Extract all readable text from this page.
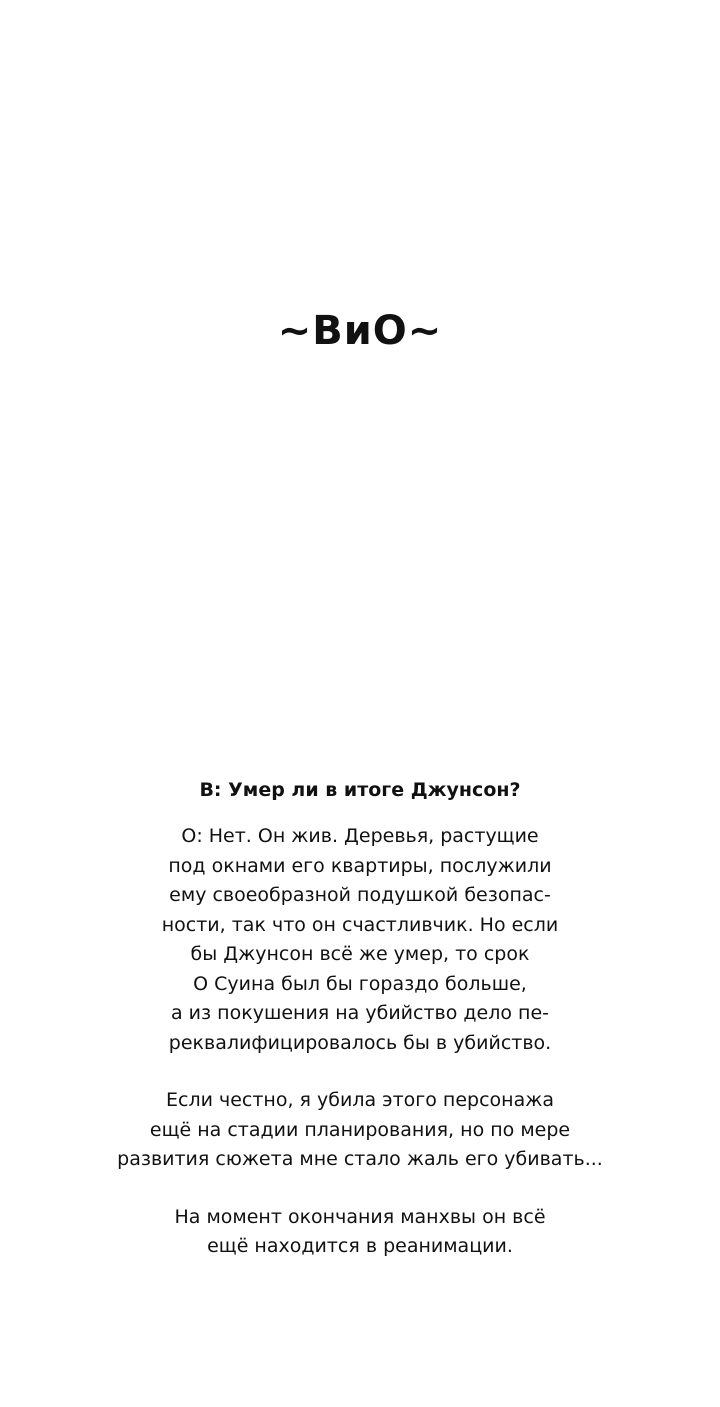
~ВиО~

В: Умер ли в итоге Джунсон?

О: Нет. Он жив. Деревья, растущие
под окнами его квартиры, послужили
ему своеобразной подушкой безопас-
ности, так что он счастливчик. Но если
бы Джунсон всё же умер, то срок
О Суина был бы гораздо больше,
а из покушения на убийство дело пе-
реквалифицировалось бы в убийство.

Если честно, я убила этого персонажа
ещё на стадии планирования, но по мере
развития сюжета мне стало жаль его убивать...

На момент окончания манхвы он всё
ещё находится в реанимации.
